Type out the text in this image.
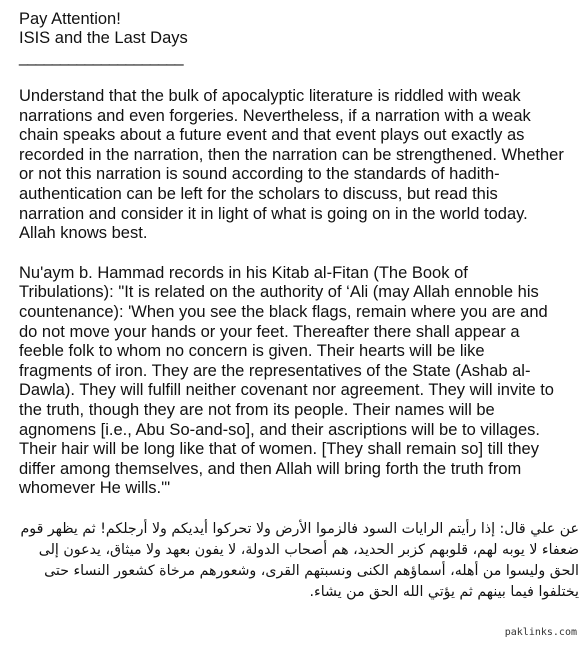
Pay Attention!

ISIS and the Last Days

____________________

Understand that the bulk of apocalyptic literature is riddled with weak
narrations and even forgeries. Nevertheless, if a narration with a weak
chain speaks about a future event and that event plays out exactly as
recorded in the narration, then the narration can be strengthened. Whether
or not this narration is sound according to the standards of hadith-
authentication can be left for the scholars to discuss, but read this
narration and consider it in light of what is going on in the world today.
Allah knows best.

Nu'aym b. Hammad records in his Kitab al-Fitan (The Book of
Tribulations): "It is related on the authority of ‘Ali (may Allah ennoble his
countenance): 'When you see the black flags, remain where you are and
do not move your hands or your feet. Thereafter there shall appear a
feeble folk to whom no concern is given. Their hearts will be like
fragments of iron. They are the representatives of the State (Ashab al-
Dawla). They will fulfill neither covenant nor agreement. They will invite to
the truth, though they are not from its people. Their names will be
agnomens [i.e., Abu So-and-so], and their ascriptions will be to villages.
Their hair will be long like that of women. [They shall remain so] till they
differ among themselves, and then Allah will bring forth the truth from
whomever He wills.'"

عن علي قال: إذا رأيتم الرايات السود فالزموا الأرض ولا تحركوا أيديكم ولا أرجلكم! ثم يظهر قوم
ضعفاء لا يوبه لهم، قلوبهم كزبر الحديد، هم أصحاب الدولة، لا يفون بعهد ولا ميثاق، يدعون إلى
الحق وليسوا من أهله، أسماؤهم الكنى ونسبتهم القرى، وشعورهم مرخاة كشعور النساء حتى
يختلفوا فيما بينهم ثم يؤتي الله الحق من يشاء.
paklinks.com
